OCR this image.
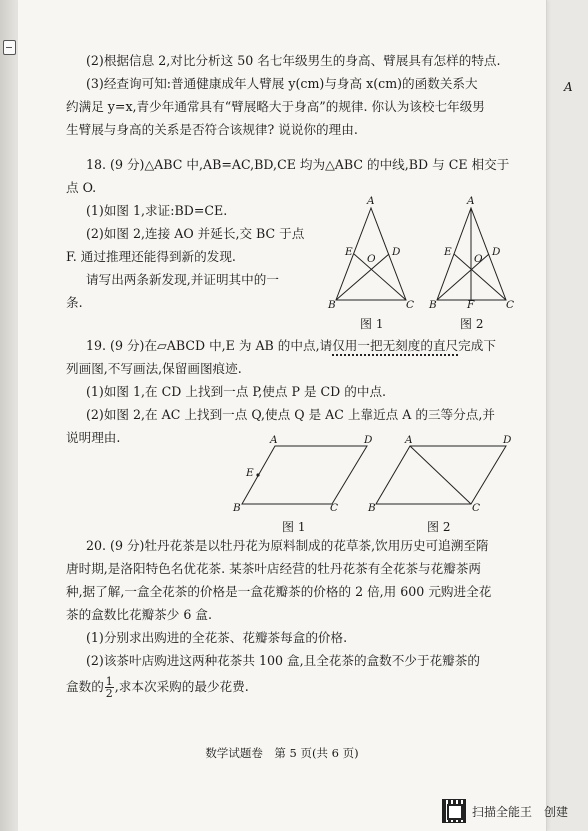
A
(2)根据信息 2,对比分析这 50 名七年级男生的身高、臂展具有怎样的特点.
(3)经查询可知:普通健康成年人臂展 y(cm)与身高 x(cm)的函数关系大
约满足 y=x,青少年通常具有“臂展略大于身高”的规律. 你认为该校七年级男
生臂展与身高的关系是否符合该规律? 说说你的理由.
18. (9 分)△ABC 中,AB=AC,BD,CE 均为△ABC 的中线,BD 与 CE 相交于
点 O.
(1)如图 1,求证:BD=CE.
(2)如图 2,连接 AO 并延长,交 BC 于点
F. 通过推理还能得到新的发现.
请写出两条新发现,并证明其中的一
条.
A
E	D
O
B	C
图 1
A
E	D
O
B	F	C
图 2
19. (9 分)在▱ABCD 中,E 为 AB 的中点,请仅用一把无刻度的直尺完成下
列画图,不写画法,保留画图痕迹.
(1)如图 1,在 CD 上找到一点 P,使点 P 是 CD 的中点.
(2)如图 2,在 AC 上找到一点 Q,使点 Q 是 AC 上靠近点 A 的三等分点,并
说明理由.	A	D
E
B	C
图 1
A	D
B	C
图 2
20. (9 分)牡丹花茶是以牡丹花为原料制成的花草茶,饮用历史可追溯至隋
唐时期,是洛阳特色名优花茶. 某茶叶店经营的牡丹花茶有全花茶与花瓣茶两
种,据了解,一盒全花茶的价格是一盒花瓣茶的价格的 2 倍,用 600 元购进全花
茶的盒数比花瓣茶少 6 盒.
(1)分别求出购进的全花茶、花瓣茶每盒的价格.
(2)该茶叶店购进这两种花茶共 100 盒,且全花茶的盒数不少于花瓣茶的
盒数的 $\frac{1}{2}$ ,求本次采购的最少花费.
数学试题卷　第 5 页(共 6 页)
扫描全能王　创建
